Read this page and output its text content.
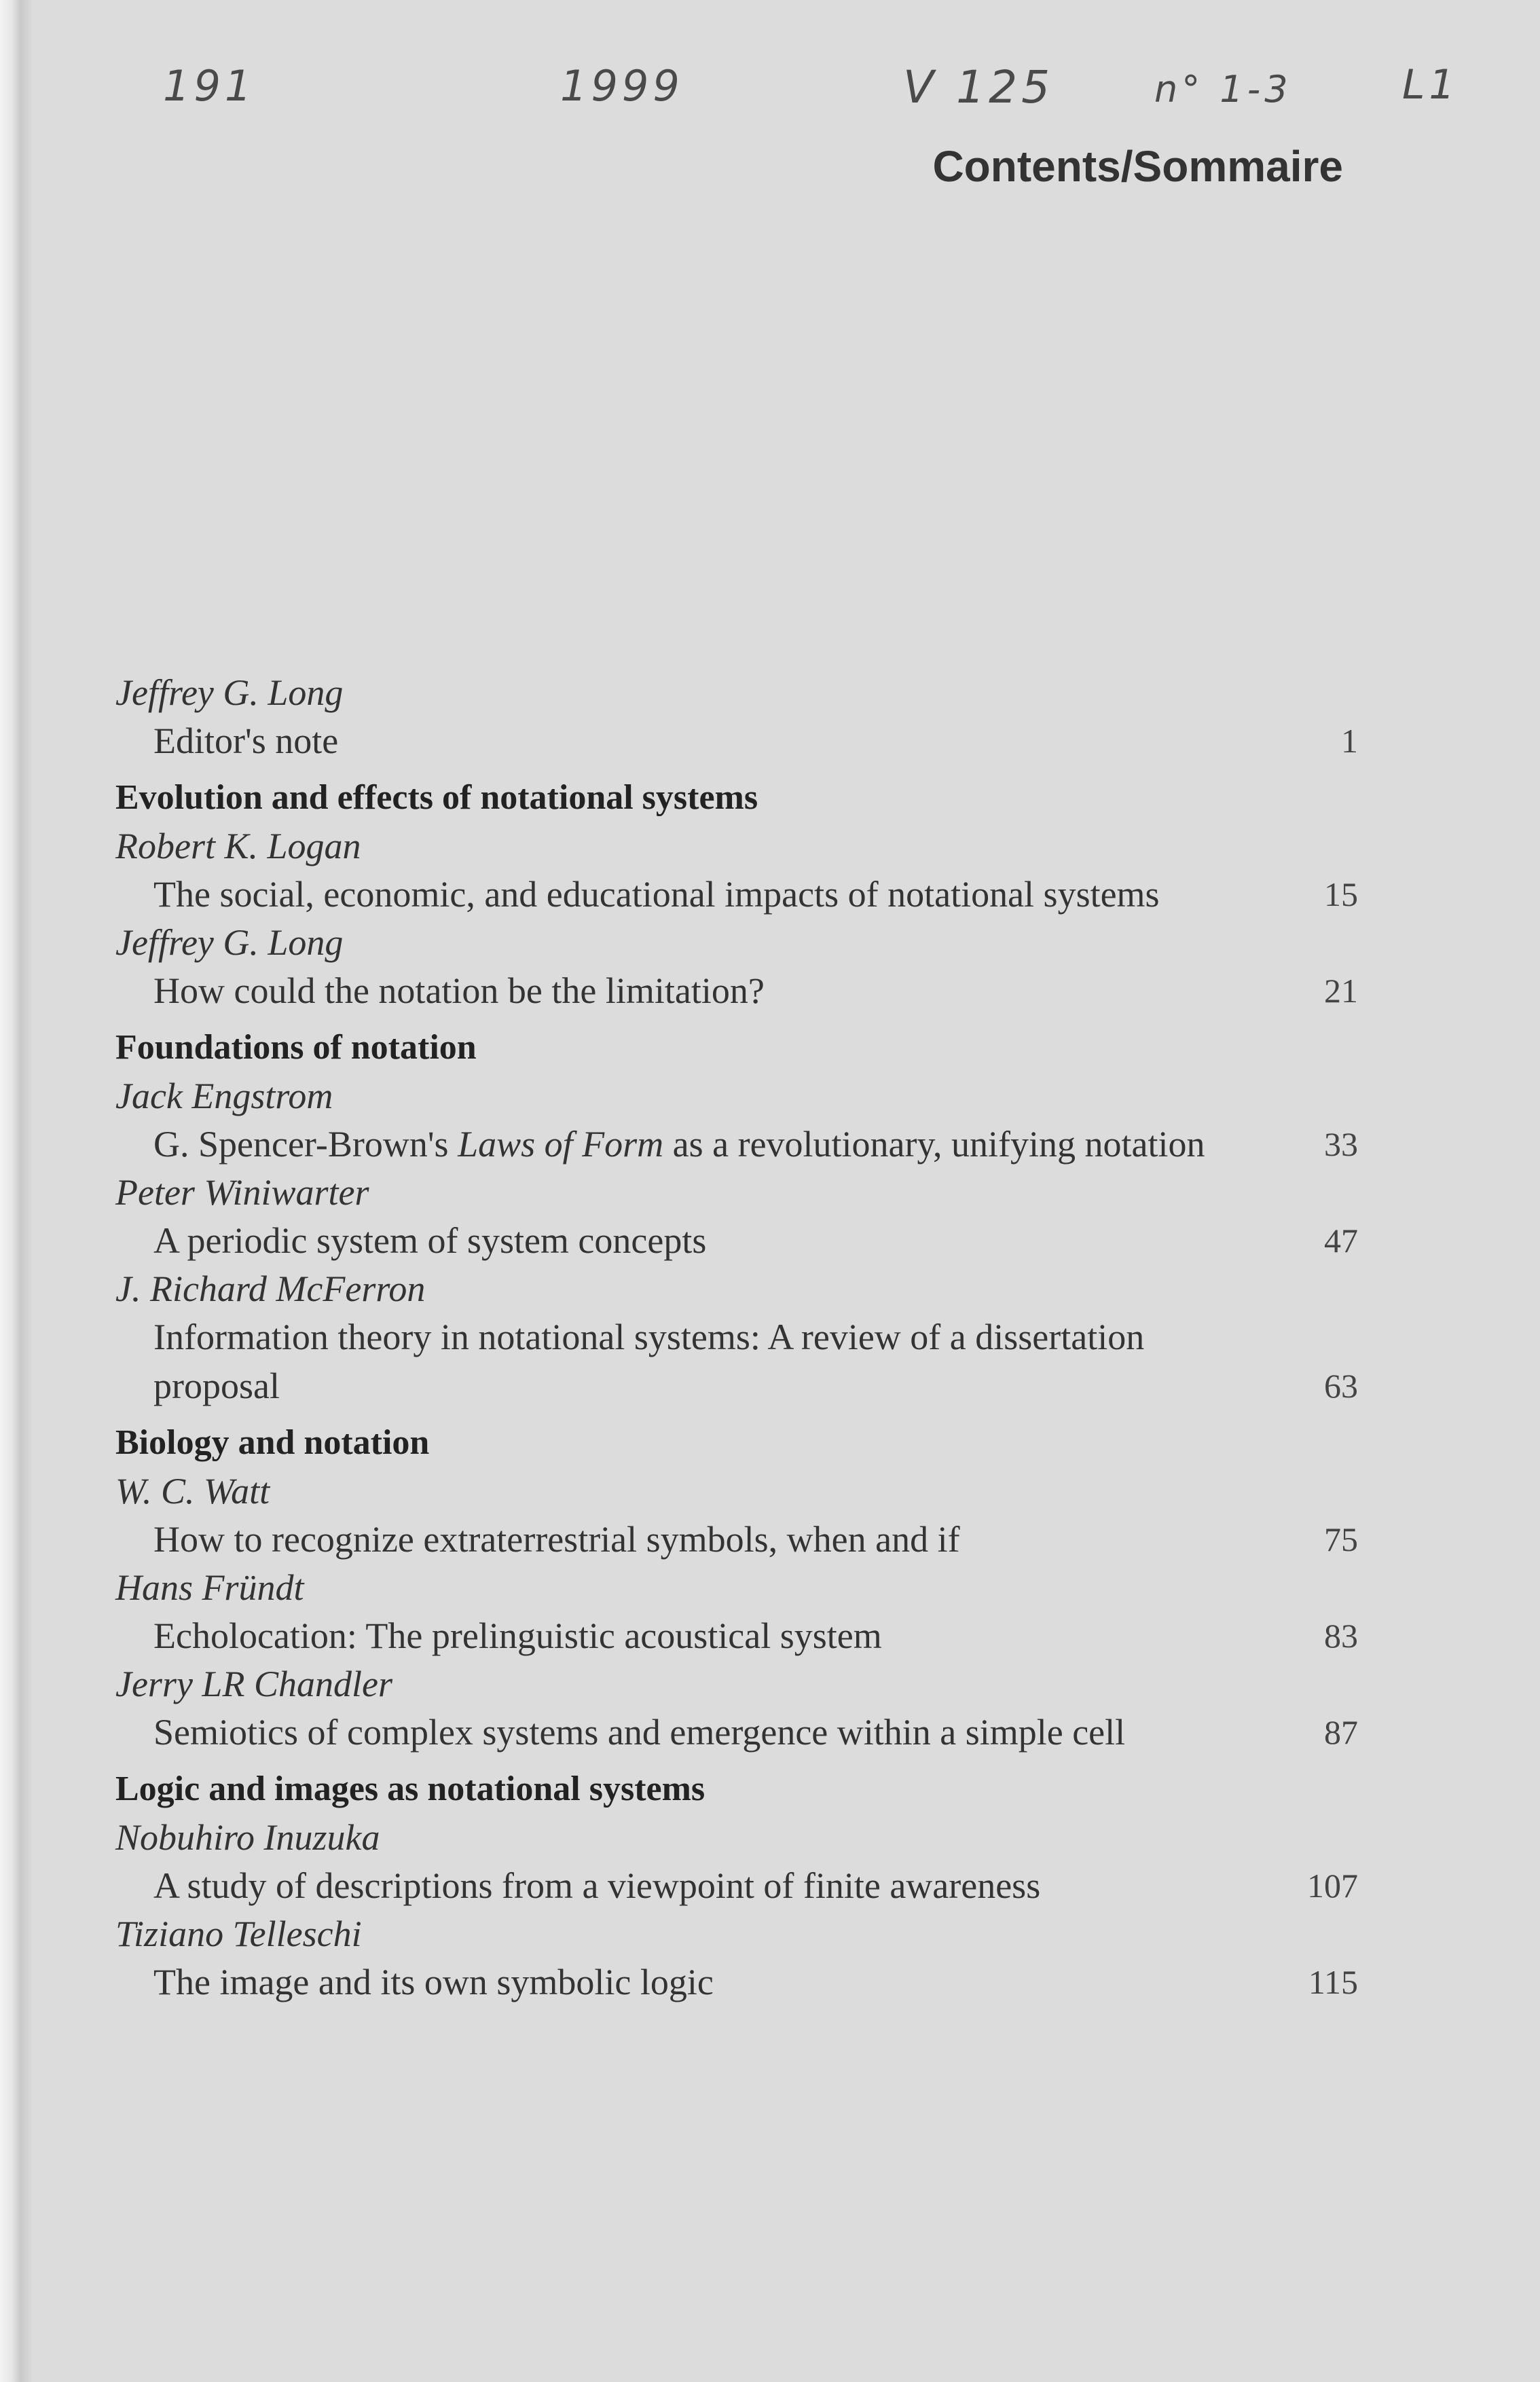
191	1999	V 125	n° 1-3	L1
Contents/Sommaire
Jeffrey G. Long
Editor's note	1
Evolution and effects of notational systems
Robert K. Logan
The social, economic, and educational impacts of notational systems	15
Jeffrey G. Long
How could the notation be the limitation?	21
Foundations of notation
Jack Engstrom
G. Spencer-Brown's Laws of Form as a revolutionary, unifying notation	33
Peter Winiwarter
A periodic system of system concepts	47
J. Richard McFerron
Information theory in notational systems: A review of a dissertation proposal	63
Biology and notation
W. C. Watt
How to recognize extraterrestrial symbols, when and if	75
Hans Fründt
Echolocation: The prelinguistic acoustical system	83
Jerry LR Chandler
Semiotics of complex systems and emergence within a simple cell	87
Logic and images as notational systems
Nobuhiro Inuzuka
A study of descriptions from a viewpoint of finite awareness	107
Tiziano Telleschi
The image and its own symbolic logic	115
